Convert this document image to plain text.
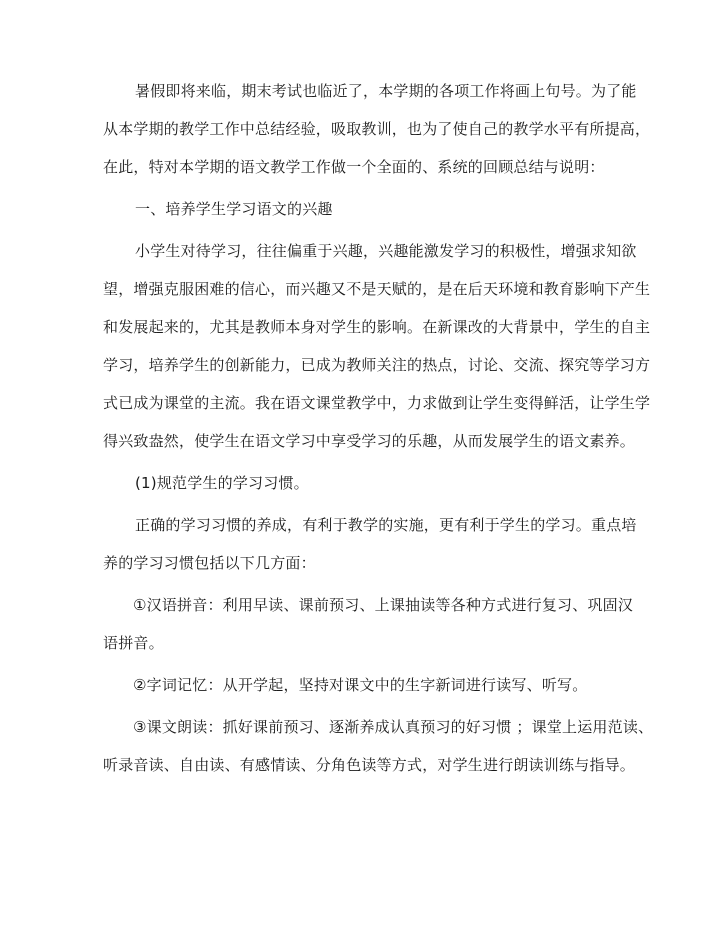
暑假即将来临，期末考试也临近了，本学期的各项工作将画上句号。为了能
从本学期的教学工作中总结经验，吸取教训，也为了使自己的教学水平有所提高，
在此，特对本学期的语文教学工作做一个全面的、系统的回顾总结与说明：
一、培养学生学习语文的兴趣
小学生对待学习，往往偏重于兴趣，兴趣能激发学习的积极性，增强求知欲
望，增强克服困难的信心，而兴趣又不是天赋的，是在后天环境和教育影响下产生
和发展起来的，尤其是教师本身对学生的影响。在新课改的大背景中，学生的自主
学习，培养学生的创新能力，已成为教师关注的热点，讨论、交流、探究等学习方
式已成为课堂的主流。我在语文课堂教学中，力求做到让学生变得鲜活，让学生学
得兴致盎然，使学生在语文学习中享受学习的乐趣，从而发展学生的语文素养。
(1)规范学生的学习习惯。
正确的学习习惯的养成，有利于教学的实施，更有利于学生的学习。重点培
养的学习习惯包括以下几方面：
①汉语拼音：利用早读、课前预习、上课抽读等各种方式进行复习、巩固汉
语拼音。
②字词记忆：从开学起，坚持对课文中的生字新词进行读写、听写。
③课文朗读：抓好课前预习、逐渐养成认真预习的好习惯 ；课堂上运用范读、
听录音读、自由读、有感情读、分角色读等方式，对学生进行朗读训练与指导。
